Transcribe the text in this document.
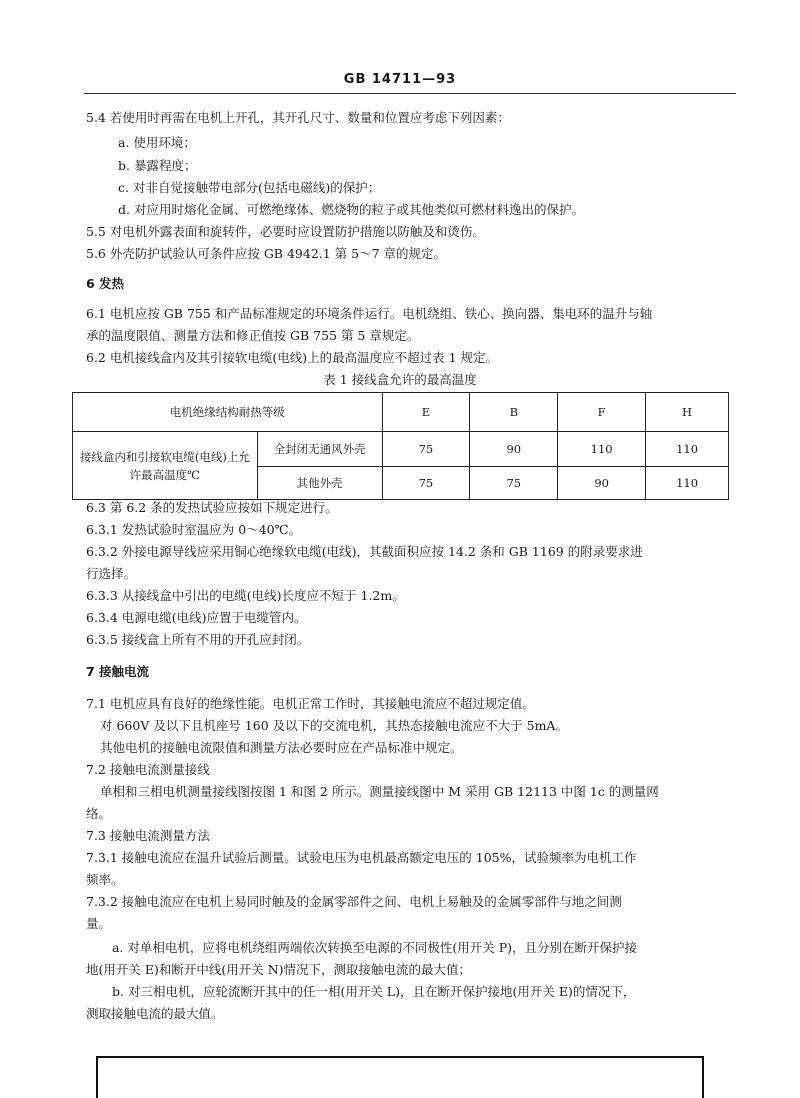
GB 14711—93
5.4 若使用时再需在电机上开孔，其开孔尺寸、数量和位置应考虑下列因素：
a. 使用环境；
b. 暴露程度；
c. 对非自觉接触带电部分(包括电磁线)的保护；
d. 对应用时熔化金属、可燃绝缘体、燃烧物的粒子或其他类似可燃材料逸出的保护。
5.5 对电机外露表面和旋转件，必要时应设置防护措施以防触及和烫伤。
5.6 外壳防护试验认可条件应按 GB 4942.1 第 5～7 章的规定。
6 发热
6.1 电机应按 GB 755 和产品标准规定的环境条件运行。电机绕组、铁心、换向器、集电环的温升与轴
承的温度限值、测量方法和修正值按 GB 755 第 5 章规定。
6.2 电机接线盒内及其引接软电缆(电线)上的最高温度应不超过表 1 规定。
表 1 接线盒允许的最高温度
电机绝缘结构耐热等级		E	B	F	H
接线盒内和引接软电缆(电线)上允许最高温度℃	全封闭无通风外壳	75	90	110	110
	其他外壳	75	75	90	110
6.3 第 6.2 条的发热试验应按如下规定进行。
6.3.1 发热试验时室温应为 0～40℃。
6.3.2 外接电源导线应采用铜心绝缘软电缆(电线)，其截面积应按 14.2 条和 GB 1169 的附录要求进
行选择。
6.3.3 从接线盒中引出的电缆(电线)长度应不短于 1.2m。
6.3.4 电源电缆(电线)应置于电缆管内。
6.3.5 接线盒上所有不用的开孔应封闭。
7 接触电流
7.1 电机应具有良好的绝缘性能。电机正常工作时，其接触电流应不超过规定值。
对 660V 及以下且机座号 160 及以下的交流电机，其热态接触电流应不大于 5mA。
其他电机的接触电流限值和测量方法必要时应在产品标准中规定。
7.2 接触电流测量接线
单相和三相电机测量接线图按图 1 和图 2 所示。测量接线图中 M 采用 GB 12113 中图 1c 的测量网
络。
7.3 接触电流测量方法
7.3.1 接触电流应在温升试验后测量。试验电压为电机最高额定电压的 105%，试验频率为电机工作
频率。
7.3.2 接触电流应在电机上易同时触及的金属零部件之间、电机上易触及的金属零部件与地之间测
量。
a. 对单相电机，应将电机绕组两端依次转换至电源的不同极性(用开关 P)，且分别在断开保护接
地(用开关 E)和断开中线(用开关 N)情况下，测取接触电流的最大值；
b. 对三相电机，应轮流断开其中的任一相(用开关 L)，且在断开保护接地(用开关 E)的情况下，
测取接触电流的最大值。
